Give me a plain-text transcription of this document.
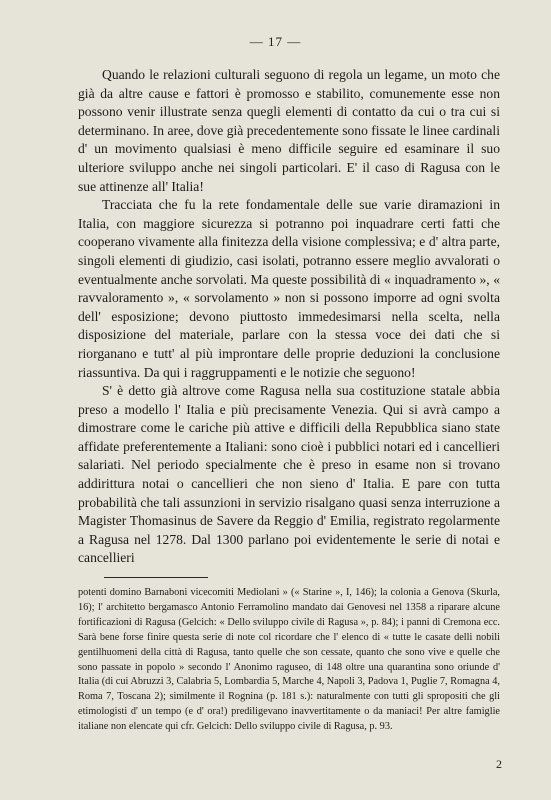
— 17 —

Quando le relazioni culturali seguono di regola un legame, un moto che già da altre cause e fattori è promosso e stabilito, comunemente esse non possono venir illustrate senza quegli elementi di contatto da cui o tra cui si determinano. In aree, dove già precedentemente sono fissate le linee cardinali d' un movimento qualsiasi è meno difficile seguire ed esaminare il suo ulteriore sviluppo anche nei singoli particolari. E' il caso di Ragusa con le sue attinenze all' Italia!

Tracciata che fu la rete fondamentale delle sue varie diramazioni in Italia, con maggiore sicurezza si potranno poi inquadrare certi fatti che cooperano vivamente alla finitezza della visione complessiva; e d' altra parte, singoli elementi di giudizio, casi isolati, potranno essere meglio avvalorati o eventualmente anche sorvolati. Ma queste possibilità di « inquadramento », « ravvaloramento », « sorvolamento » non si possono imporre ad ogni svolta dell' esposizione; devono piuttosto immedesimarsi nella scelta, nella disposizione del materiale, parlare con la stessa voce dei dati che si riorganano e tutt' al più improntare delle proprie deduzioni la conclusione riassuntiva. Da qui i raggruppamenti e le notizie che seguono!

S' è detto già altrove come Ragusa nella sua costituzione statale abbia preso a modello l' Italia e più precisamente Venezia. Qui si avrà campo a dimostrare come le cariche più attive e difficili della Repubblica siano state affidate preferentemente a Italiani: sono cioè i pubblici notari ed i cancellieri salariati. Nel periodo specialmente che è preso in esame non si trovano addirittura notai o cancellieri che non sieno d' Italia. E pare con tutta probabilità che tali assunzioni in servizio risalgano quasi senza interruzione a Magister Thomasinus de Savere da Reggio d' Emilia, registrato regolarmente a Ragusa nel 1278. Dal 1300 parlano poi evidentemente le serie di notai e cancellieri

potenti domino Barnaboni vicecomiti Mediolani » (« Starine », I, 146); la colonia a Genova (Skurla, 16); l' architetto bergamasco Antonio Ferramolino mandato dai Genovesi nel 1358 a riparare alcune fortificazioni di Ragusa (Gelcich: « Dello sviluppo civile di Ragusa », p. 84); i panni di Cremona ecc. Sarà bene forse finire questa serie di note col ricordare che l' elenco di « tutte le casate delli nobili gentilhuomeni della città di Ragusa, tanto quelle che son cessate, quanto che sono vive e quelle che sono passate in popolo » secondo l' Anonimo raguseo, di 148 oltre una quarantina sono oriunde d' Italia (di cui Abruzzi 3, Calabria 5, Lombardia 5, Marche 4, Napoli 3, Padova 1, Puglie 7, Romagna 4, Roma 7, Toscana 2); similmente il Rognina (p. 181 s.): naturalmente con tutti gli spropositi che gli etimologisti d' un tempo (e d' ora!) prediligevano inavvertitamente o da maniaci! Per altre famiglie italiane non elencate qui cfr. Gelcich: Dello sviluppo civile di Ragusa, p. 93.

2
